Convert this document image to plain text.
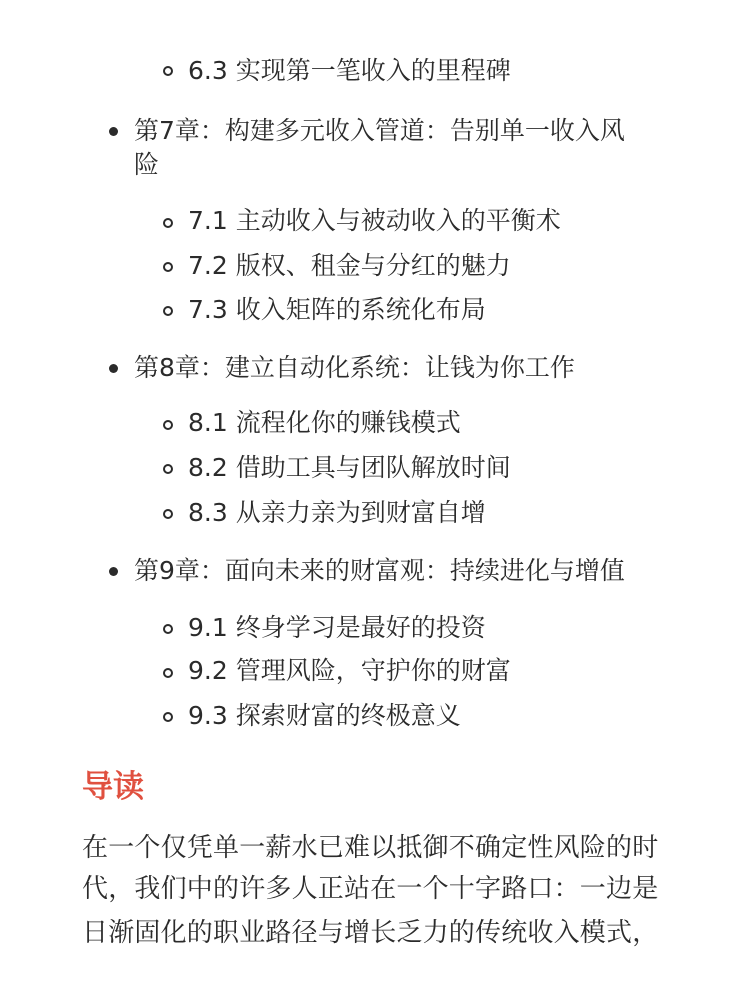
6.3 实现第一笔收入的里程碑
第7章：构建多元收入管道：告别单一收入风
险
7.1 主动收入与被动收入的平衡术
7.2 版权、租金与分红的魅力
7.3 收入矩阵的系统化布局
第8章：建立自动化系统：让钱为你工作
8.1 流程化你的赚钱模式
8.2 借助工具与团队解放时间
8.3 从亲力亲为到财富自增
第9章：面向未来的财富观：持续进化与增值
9.1 终身学习是最好的投资
9.2 管理风险，守护你的财富
9.3 探索财富的终极意义
导读
在一个仅凭单一薪水已难以抵御不确定性风险的时
代，我们中的许多人正站在一个十字路口：一边是
日渐固化的职业路径与增长乏力的传统收入模式，
